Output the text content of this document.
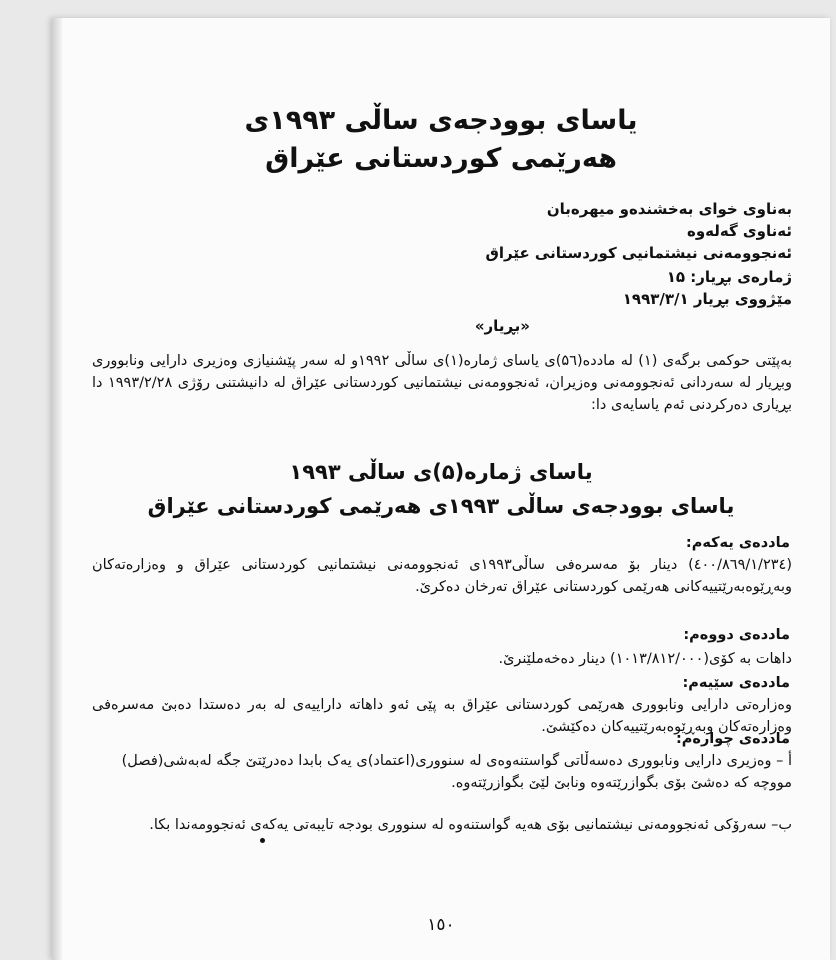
یاسای بوودجەی ساڵی ۱۹۹۳ی
هەرێمی کوردستانی عێراق
بەناوی خوای بەخشندەو میهرەبان
ئەناوی گەلەوە
ئەنجوومەنی نیشتمانیی کوردستانی عێراق
ژمارەی بڕیار: ۱۵
مێژووی بڕیار ۱۹۹۳/۳/۱
«بڕیار»
بەپێتی حوکمی برگەی (۱) لە ماددە(۵٦)ی یاسای ژمارە(۱)ی ساڵی ۱۹۹۲و لە سەر پێشنیازی وەزیری دارایی ونابووری وبڕیار لە سەردانی ئەنجوومەنی وەزیران، ئەنجوومەنی نیشتمانیی کوردستانی عێراق لە دانیشتنی رۆژی ۱۹۹۳/۲/۲۸ دا بڕیاری دەرکردنی ئەم یاسایەی دا:
یاسای ژمارە(۵)ی ساڵی ۱۹۹۳
یاسای بوودجەی ساڵی ۱۹۹۳ی هەرێمی کوردستانی عێراق
ماددەی یەکەم:
(۱/۲۳٤/۸٦۹/٤۰۰) دینار بۆ مەسرەفی ساڵی۱۹۹۳ی ئەنجوومەنی نیشتمانیی کوردستانی عێراق و وەزارەتەکان وبەڕێوەبەرێتییەکانی هەرێمی کوردستانی عێراق تەرخان دەکرێ.
ماددەی دووەم:
داهات بە کۆی(۱۰۱۳/۸۱۲/۰۰۰) دینار دەخەملێنرێ.
ماددەی سێیەم:
وەزارەتی دارایی ونابووری هەرێمی کوردستانی عێراق بە پێی ئەو داهاتە داراییەی لە بەر دەستدا دەبێ مەسرەفی وەزارەتەکان وبەڕێوەبەرێتییەکان دەکێشێ.
ماددەی چوارەم:
أ – وەزیری دارایی ونابووری دەسەڵاتی گواستنەوەی لە سنووری(اعتماد)ی یەک بابدا دەدرێتێ جگە لەبەشی(فصل) مووچە کە دەشێ بۆی بگوازرێتەوە ونابێ لێێ بگوازرێتەوە.
ب– سەرۆکی ئەنجوومەنی نیشتمانیی بۆی هەیە گواستنەوە لە سنووری بودجە تایبەتی یەکەی ئەنجوومەندا بکا.
۱٥٠
